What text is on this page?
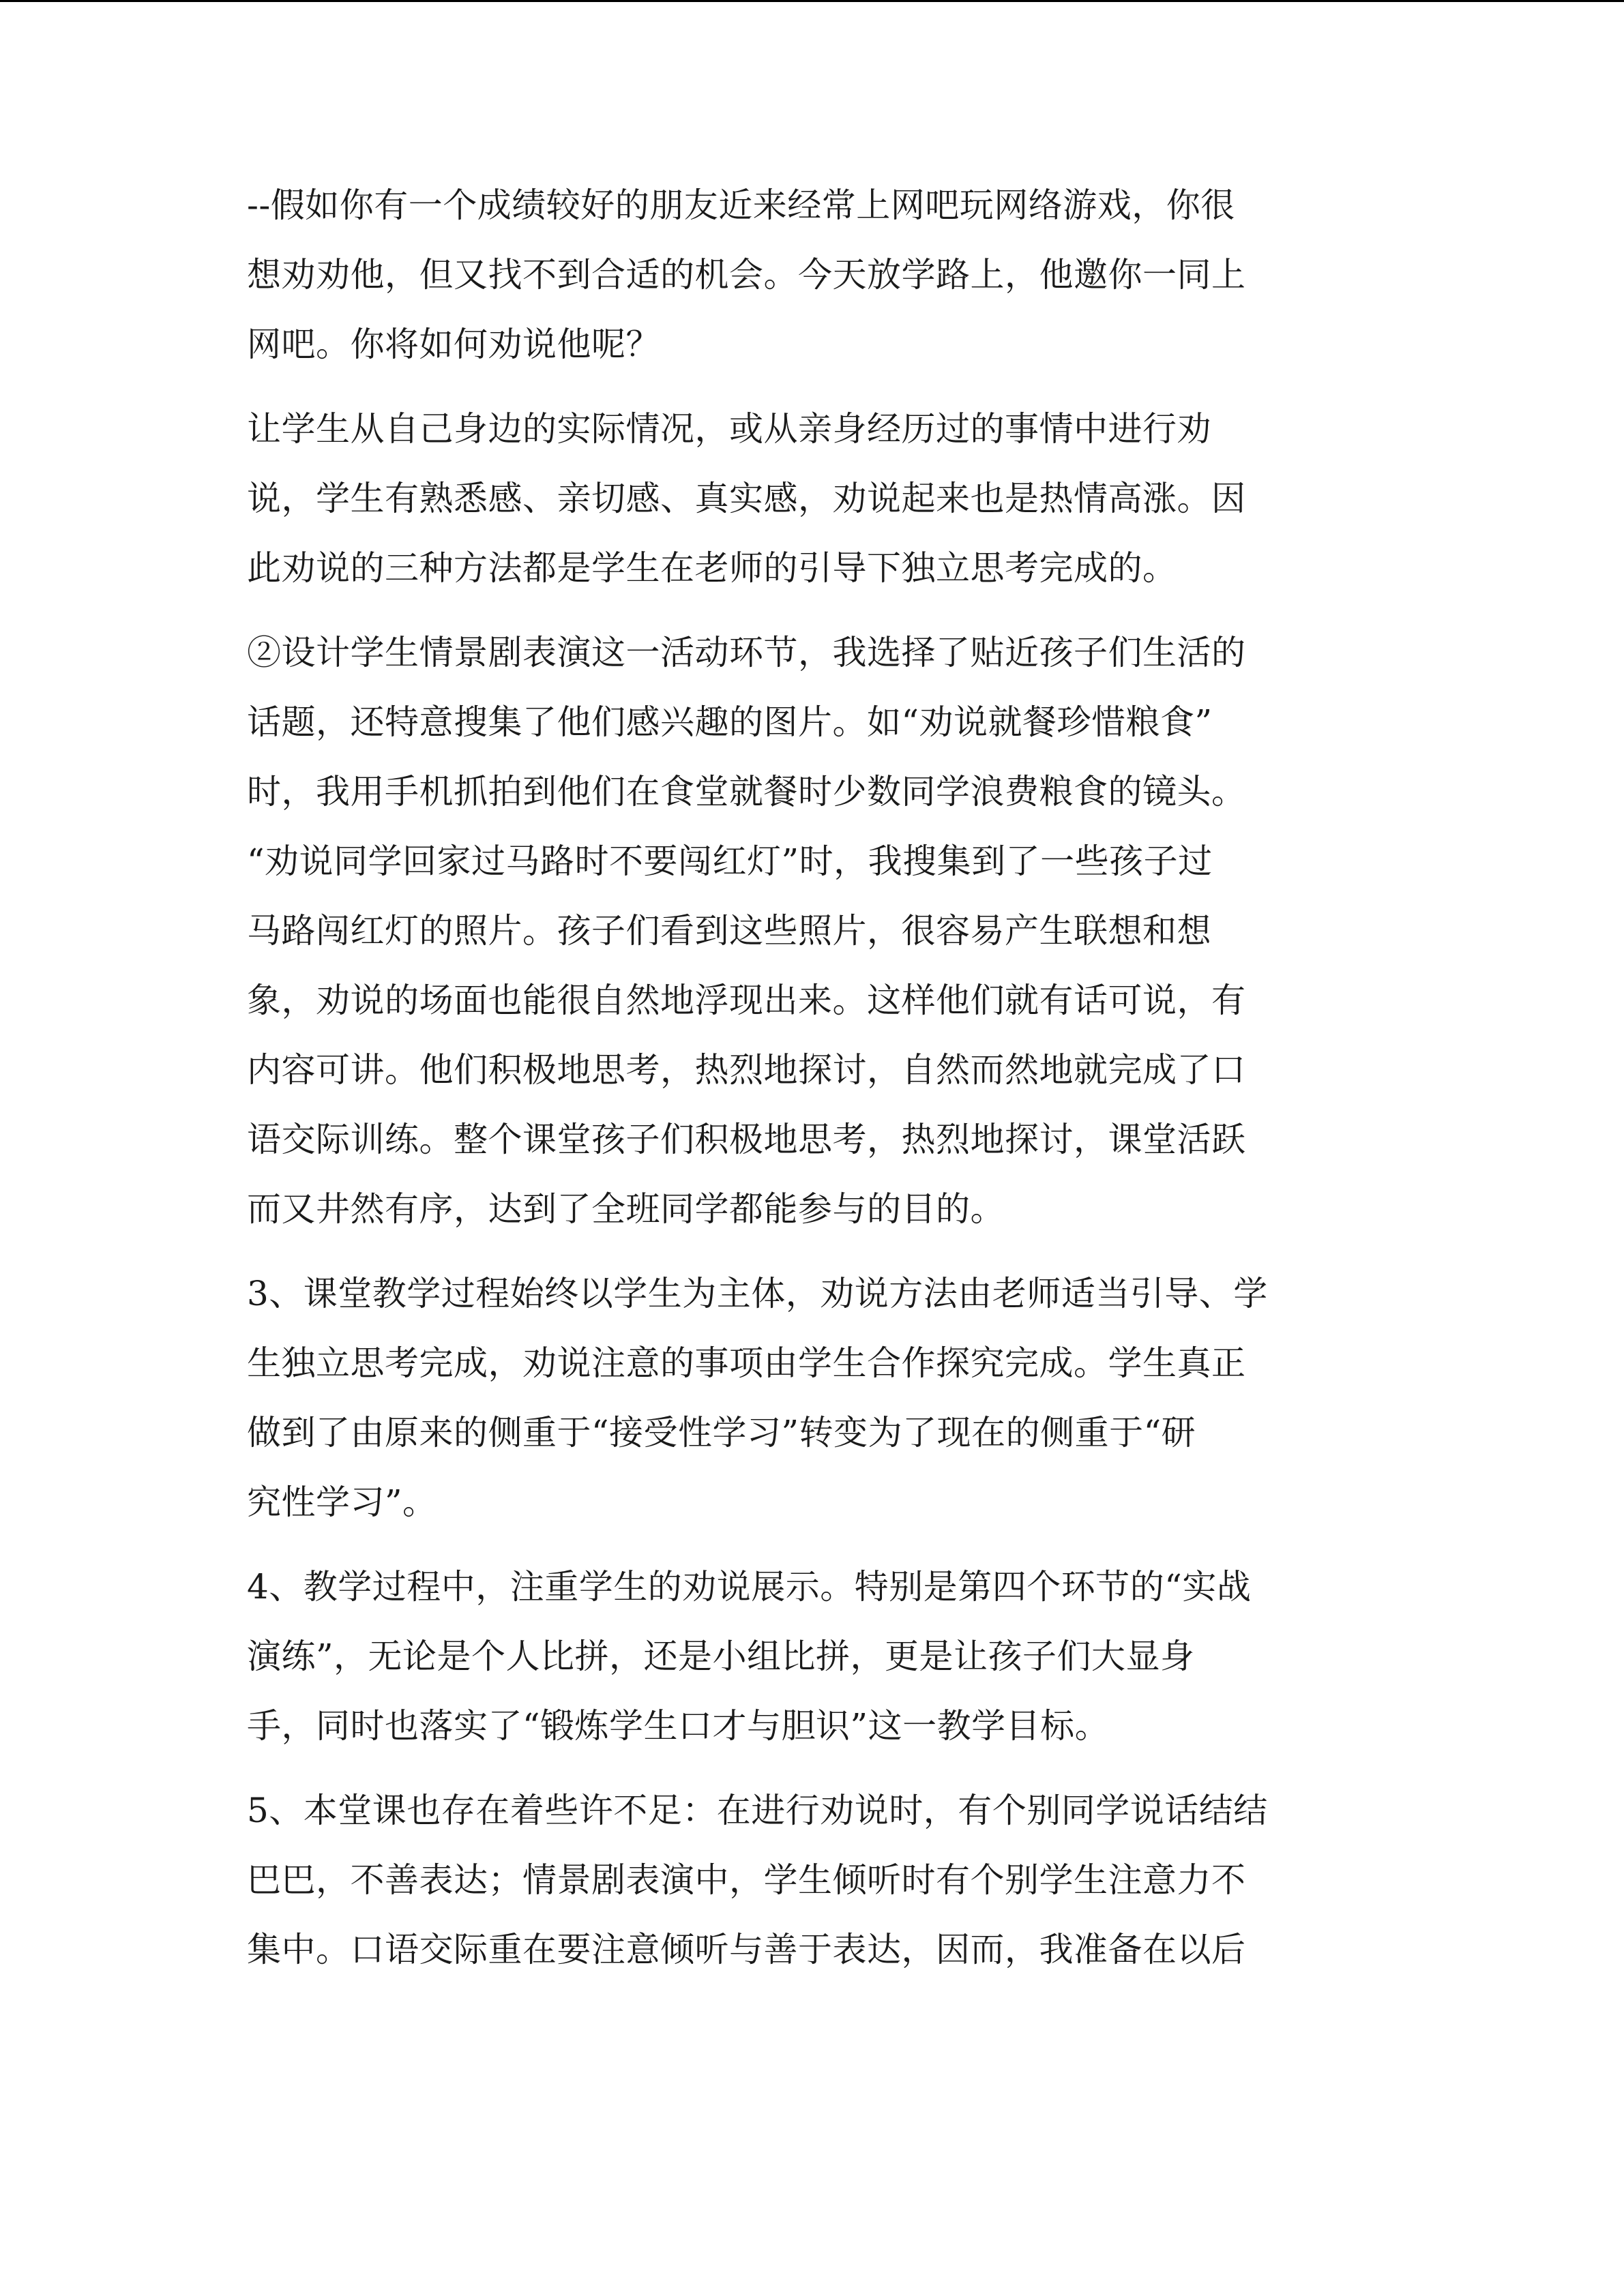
--假如你有一个成绩较好的朋友近来经常上网吧玩网络游戏，你很
想劝劝他，但又找不到合适的机会。今天放学路上，他邀你一同上
网吧。你将如何劝说他呢？

让学生从自己身边的实际情况，或从亲身经历过的事情中进行劝
说，学生有熟悉感、亲切感、真实感，劝说起来也是热情高涨。因
此劝说的三种方法都是学生在老师的引导下独立思考完成的。

②设计学生情景剧表演这一活动环节，我选择了贴近孩子们生活的
话题，还特意搜集了他们感兴趣的图片。如“劝说就餐珍惜粮食”
时，我用手机抓拍到他们在食堂就餐时少数同学浪费粮食的镜头。
“劝说同学回家过马路时不要闯红灯”时，我搜集到了一些孩子过
马路闯红灯的照片。孩子们看到这些照片，很容易产生联想和想
象，劝说的场面也能很自然地浮现出来。这样他们就有话可说，有
内容可讲。他们积极地思考，热烈地探讨，自然而然地就完成了口
语交际训练。整个课堂孩子们积极地思考，热烈地探讨，课堂活跃
而又井然有序，达到了全班同学都能参与的目的。

3、课堂教学过程始终以学生为主体，劝说方法由老师适当引导、学
生独立思考完成，劝说注意的事项由学生合作探究完成。学生真正
做到了由原来的侧重于“接受性学习”转变为了现在的侧重于“研
究性学习”。

4、教学过程中，注重学生的劝说展示。特别是第四个环节的“实战
演练”，无论是个人比拼，还是小组比拼，更是让孩子们大显身
手，同时也落实了“锻炼学生口才与胆识”这一教学目标。

5、本堂课也存在着些许不足：在进行劝说时，有个别同学说话结结
巴巴，不善表达；情景剧表演中，学生倾听时有个别学生注意力不
集中。口语交际重在要注意倾听与善于表达，因而，我准备在以后
